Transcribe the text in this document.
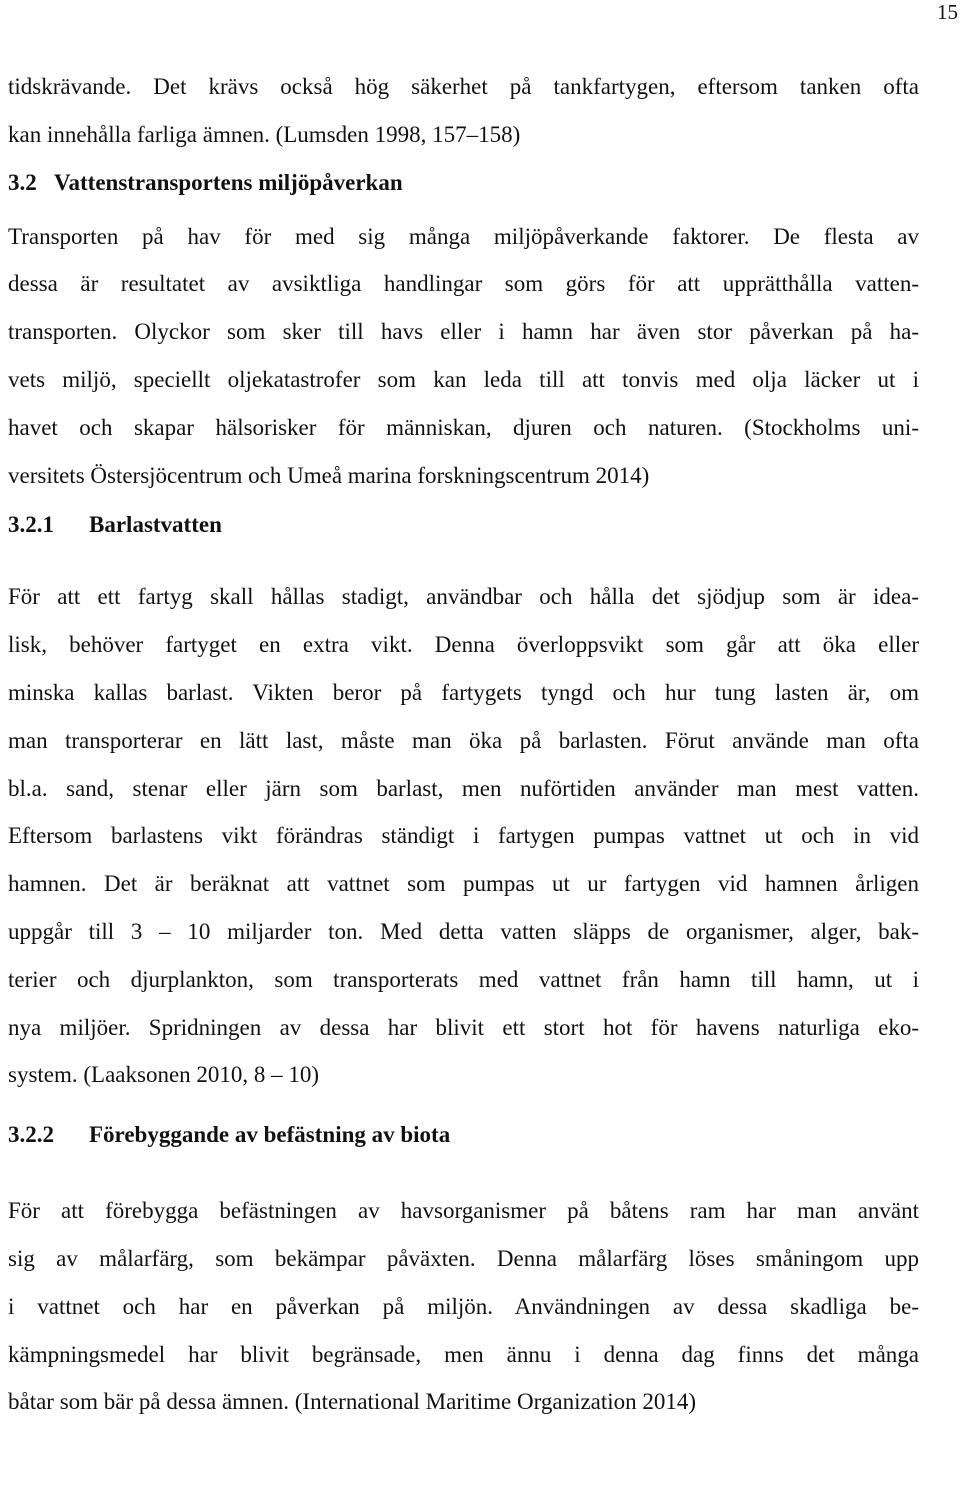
15

tidskrävande. Det krävs också hög säkerhet på tankfartygen, eftersom tanken ofta
kan innehålla farliga ämnen. (Lumsden 1998, 157–158)

3.2 Vattenstransportens miljöpåverkan

Transporten på hav för med sig många miljöpåverkande faktorer. De flesta av
dessa är resultatet av avsiktliga handlingar som görs för att upprätthålla vatten-
transporten. Olyckor som sker till havs eller i hamn har även stor påverkan på ha-
vets miljö, speciellt oljekatastrofer som kan leda till att tonvis med olja läcker ut i
havet och skapar hälsorisker för människan, djuren och naturen. (Stockholms uni-
versitets Östersjöcentrum och Umeå marina forskningscentrum 2014)

3.2.1 Barlastvatten

För att ett fartyg skall hållas stadigt, användbar och hålla det sjödjup som är idea-
lisk, behöver fartyget en extra vikt. Denna överloppsvikt som går att öka eller
minska kallas barlast. Vikten beror på fartygets tyngd och hur tung lasten är, om
man transporterar en lätt last, måste man öka på barlasten. Förut använde man ofta
bl.a. sand, stenar eller järn som barlast, men nuförtiden använder man mest vatten.
Eftersom barlastens vikt förändras ständigt i fartygen pumpas vattnet ut och in vid
hamnen. Det är beräknat att vattnet som pumpas ut ur fartygen vid hamnen årligen
uppgår till 3 – 10 miljarder ton. Med detta vatten släpps de organismer, alger, bak-
terier och djurplankton, som transporterats med vattnet från hamn till hamn, ut i
nya miljöer. Spridningen av dessa har blivit ett stort hot för havens naturliga eko-
system. (Laaksonen 2010, 8 – 10)

3.2.2 Förebyggande av befästning av biota

För att förebygga befästningen av havsorganismer på båtens ram har man använt
sig av målarfärg, som bekämpar påväxten. Denna målarfärg löses småningom upp
i vattnet och har en påverkan på miljön. Användningen av dessa skadliga be-
kämpningsmedel har blivit begränsade, men ännu i denna dag finns det många
båtar som bär på dessa ämnen. (International Maritime Organization 2014)
